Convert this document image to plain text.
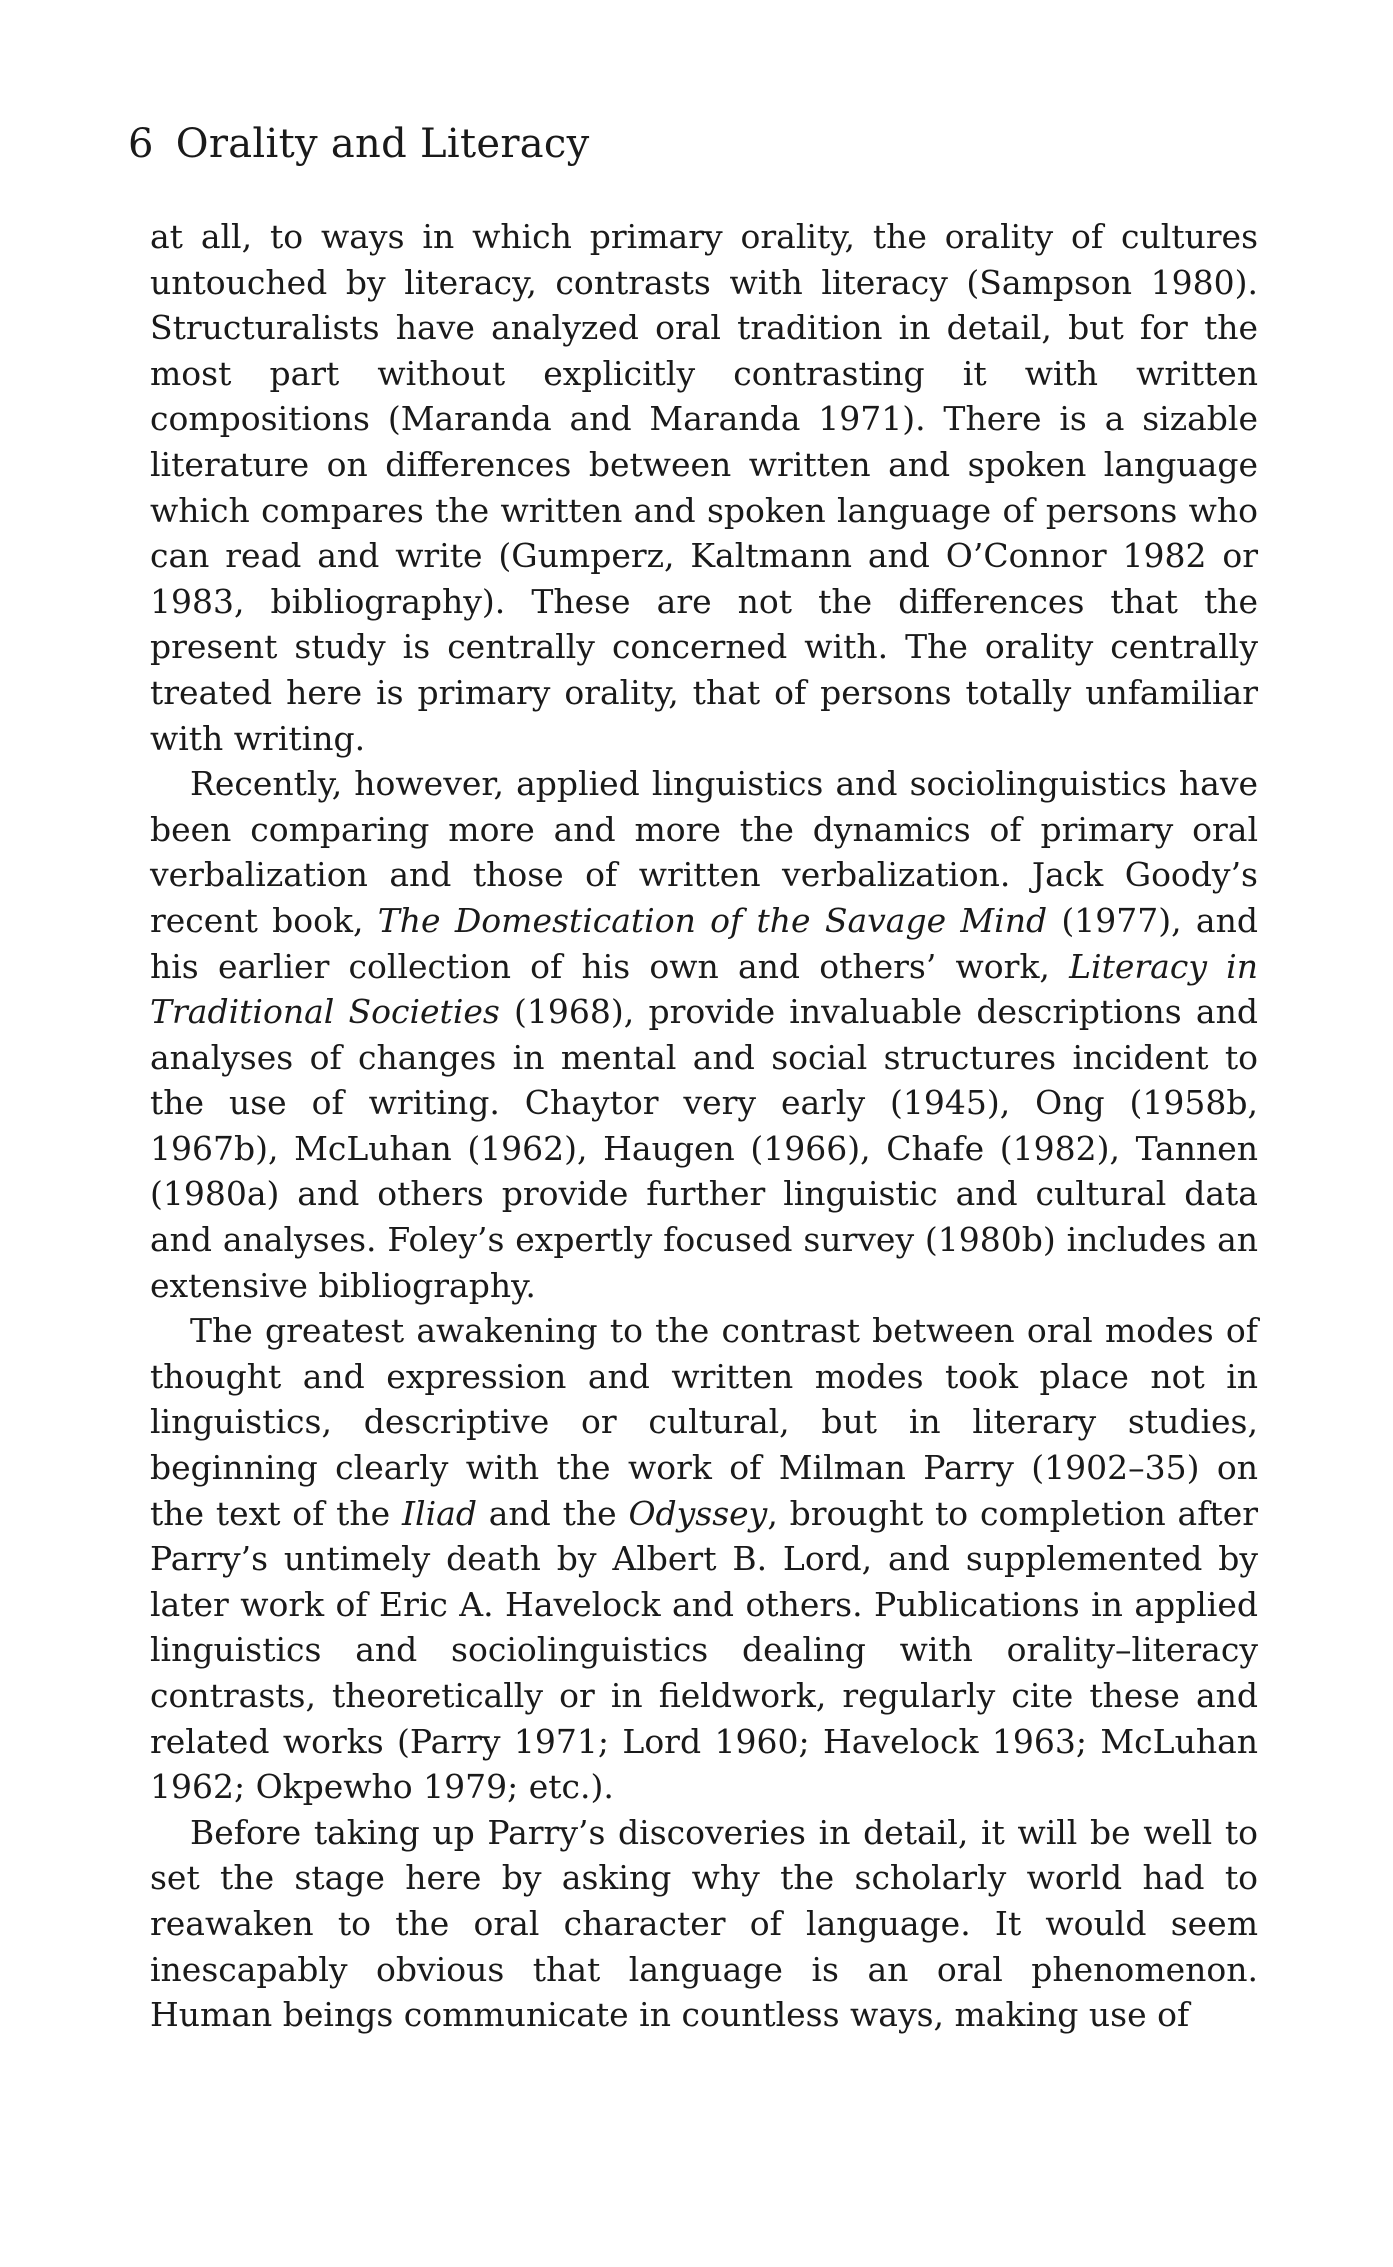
6 Orality and Literacy

at all, to ways in which primary orality, the orality of cultures untouched by literacy, contrasts with literacy (Sampson 1980). Structuralists have analyzed oral tradition in detail, but for the most part without explicitly contrasting it with written compositions (Maranda and Maranda 1971). There is a sizable literature on differences between written and spoken language which compares the written and spoken language of persons who can read and write (Gumperz, Kaltmann and O’Connor 1982 or 1983, bibliography). These are not the differences that the present study is centrally concerned with. The orality centrally treated here is primary orality, that of persons totally unfamiliar with writing.

Recently, however, applied linguistics and sociolinguistics have been comparing more and more the dynamics of primary oral verbalization and those of written verbalization. Jack Goody’s recent book, The Domestication of the Savage Mind (1977), and his earlier collection of his own and others’ work, Literacy in Traditional Societies (1968), provide invaluable descriptions and analyses of changes in mental and social structures incident to the use of writing. Chaytor very early (1945), Ong (1958b, 1967b), McLuhan (1962), Haugen (1966), Chafe (1982), Tannen (1980a) and others provide further linguistic and cultural data and analyses. Foley’s expertly focused survey (1980b) includes an extensive bibliography.

The greatest awakening to the contrast between oral modes of thought and expression and written modes took place not in linguistics, descriptive or cultural, but in literary studies, beginning clearly with the work of Milman Parry (1902–35) on the text of the Iliad and the Odyssey, brought to completion after Parry’s untimely death by Albert B. Lord, and supplemented by later work of Eric A. Havelock and others. Publications in applied linguistics and sociolinguistics dealing with orality–literacy contrasts, theoretically or in fieldwork, regularly cite these and related works (Parry 1971; Lord 1960; Havelock 1963; McLuhan 1962; Okpewho 1979; etc.).

Before taking up Parry’s discoveries in detail, it will be well to set the stage here by asking why the scholarly world had to reawaken to the oral character of language. It would seem inescapably obvious that language is an oral phenomenon. Human beings communicate in countless ways, making use of
